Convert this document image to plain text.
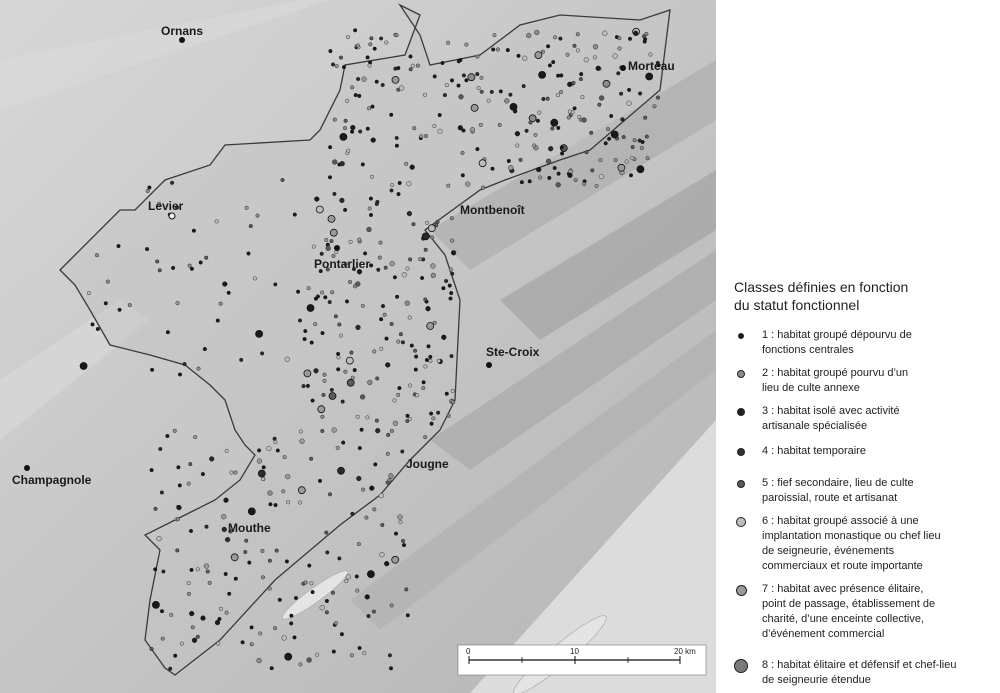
Ornans
Morteau
Levier	Montbenoît
Pontarlier
Ste-Croix
Jougne
Champagnole
Mouthe
0	10	20 km
Classes définies en fonction
du statut fonctionnel
1 : habitat groupé dépourvu de
fonctions centrales
2 : habitat groupé pourvu d’un
lieu de culte annexe
3 : habitat isolé avec activité
artisanale spécialisée
4 : habitat temporaire
5 : fief secondaire, lieu de culte
paroissial, route et artisanat
6 : habitat groupé associé à une
implantation monastique ou chef lieu
de seigneurie, événements
commerciaux et route importante
7 : habitat avec présence élitaire,
point de passage, établissement de
charité, d’une enceinte collective,
d’événement commercial
8 : habitat élitaire et défensif et chef-lieu
de seigneurie étendue
